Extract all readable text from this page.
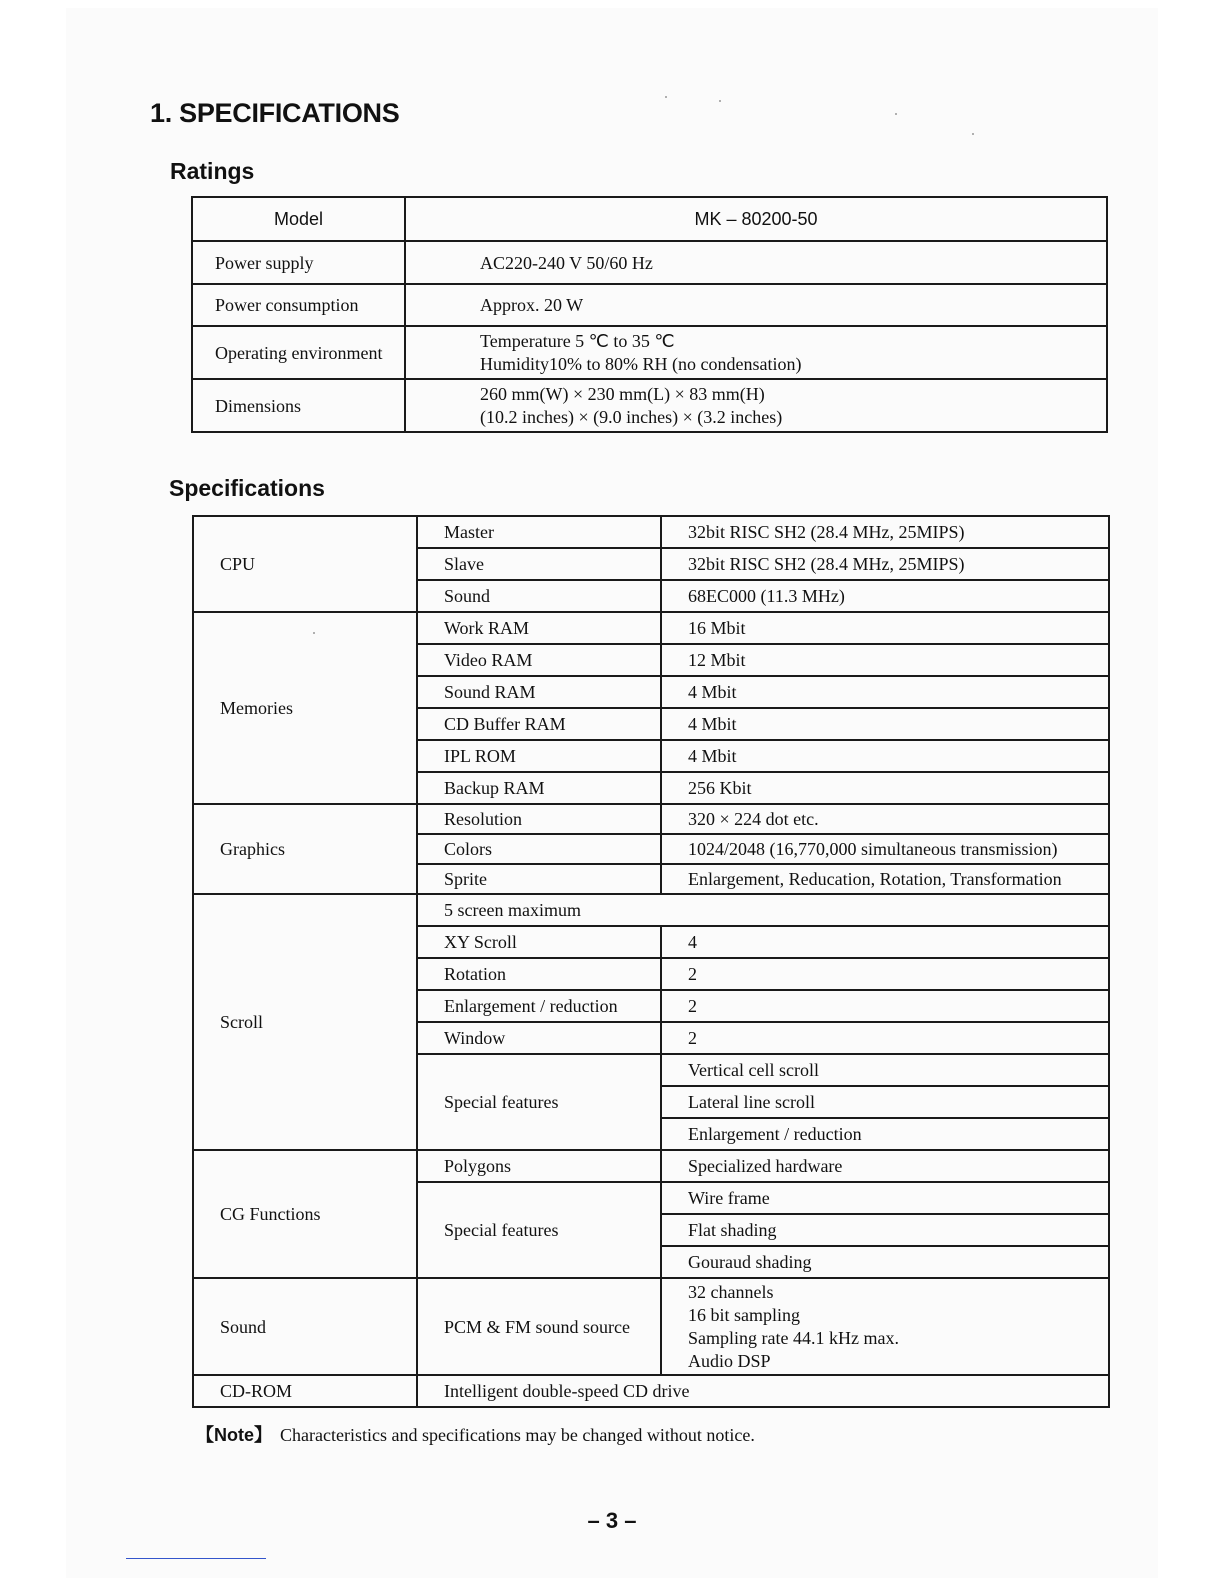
1. SPECIFICATIONS
Ratings
Model	MK – 80200-50
Power supply	AC220-240 V 50/60 Hz
Power consumption	Approx. 20 W
Operating environment	Temperature 5 ℃ to 35 ℃
Humidity10% to 80% RH (no condensation)

Dimensions	260 mm(W) × 230 mm(L) × 83 mm(H)
(10.2 inches) × (9.0 inches) × (3.2 inches)
Specifications
CPU	Master	32bit RISC SH2 (28.4 MHz, 25MIPS)
	Slave	32bit RISC SH2 (28.4 MHz, 25MIPS)
	Sound	68EC000 (11.3 MHz)
Memories	Work RAM	16 Mbit
	Video RAM	12 Mbit
	Sound RAM	4 Mbit
	CD Buffer RAM	4 Mbit
	IPL ROM	4 Mbit
	Backup RAM	256 Kbit
Graphics	Resolution	320 × 224 dot etc.
	Colors	1024/2048 (16,770,000 simultaneous transmission)
	Sprite	Enlargement, Reducation, Rotation, Transformation
Scroll	5 screen maximum	
	XY Scroll	4
	Rotation	2
	Enlargement / reduction	2
	Window	2
	Special features	Vertical cell scroll
		Lateral line scroll
		Enlargement / reduction
CG Functions	Polygons	Specialized hardware
	Special features	Wire frame
		Flat shading
		Gouraud shading
Sound	PCM & FM sound source	32 channels
16 bit sampling
Sampling rate 44.1 kHz max.
Audio DSP

CD-ROM	Intelligent double-speed CD drive	
【Note】 Characteristics and specifications may be changed without notice.
– 3 –
